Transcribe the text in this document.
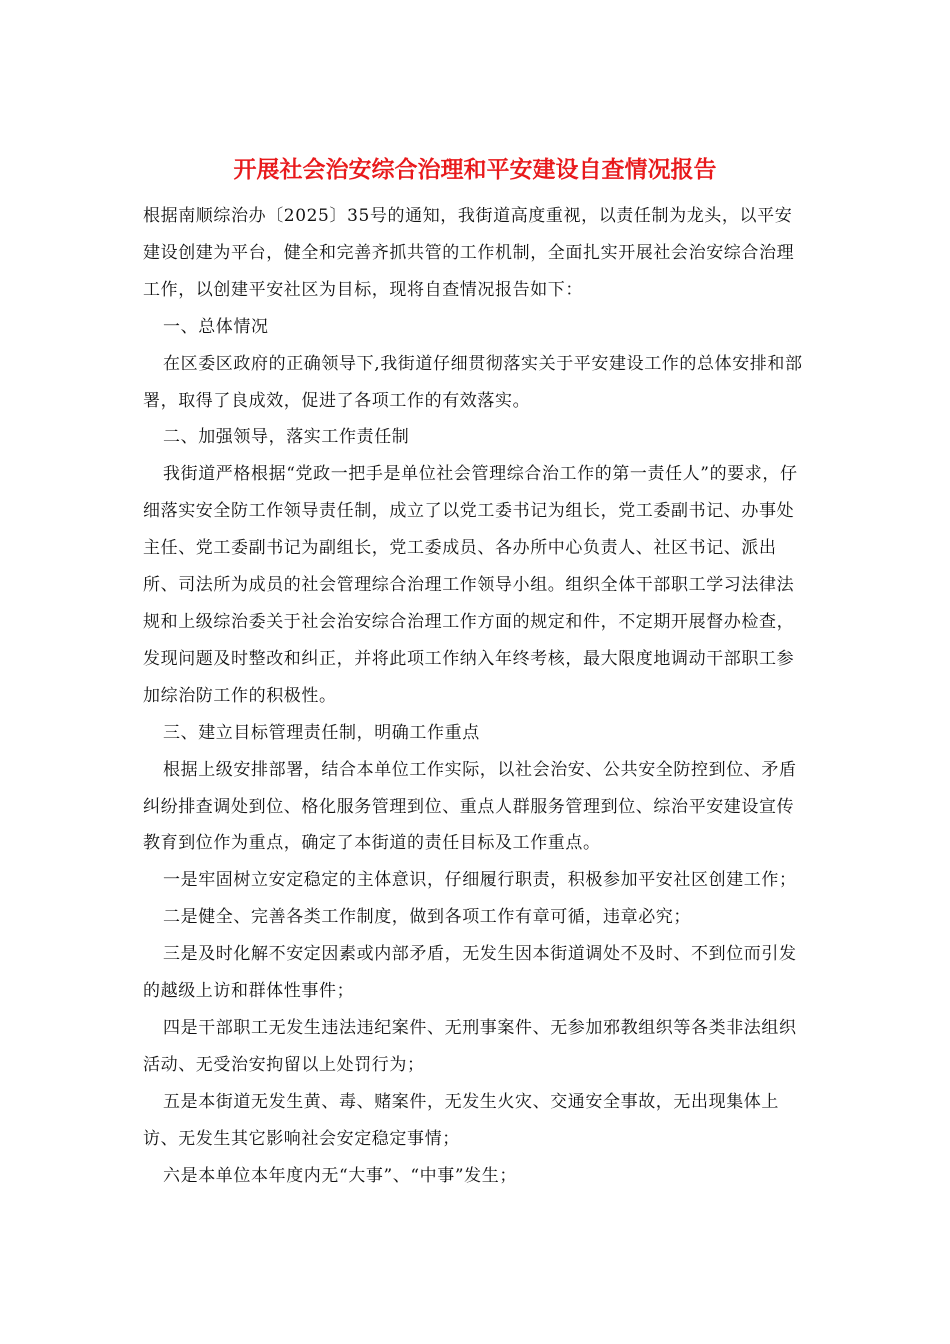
开展社会治安综合治理和平安建设自查情况报告

根据南顺综治办〔2025〕35号的通知，我街道高度重视，以责任制为龙头，以平安建设创建为平台，健全和完善齐抓共管的工作机制，全面扎实开展社会治安综合治理工作，以创建平安社区为目标，现将自查情况报告如下：

一、总体情况

在区委区政府的正确领导下,我街道仔细贯彻落实关于平安建设工作的总体安排和部署，取得了良成效，促进了各项工作的有效落实。

二、加强领导，落实工作责任制

我街道严格根据“党政一把手是单位社会管理综合治工作的第一责任人”的要求，仔细落实安全防工作领导责任制，成立了以党工委书记为组长，党工委副书记、办事处主任、党工委副书记为副组长，党工委成员、各办所中心负责人、社区书记、派出所、司法所为成员的社会管理综合治理工作领导小组。组织全体干部职工学习法律法规和上级综治委关于社会治安综合治理工作方面的规定和件，不定期开展督办检查，发现问题及时整改和纠正，并将此项工作纳入年终考核，最大限度地调动干部职工参加综治防工作的积极性。

三、建立目标管理责任制，明确工作重点

根据上级安排部署，结合本单位工作实际，以社会治安、公共安全防控到位、矛盾纠纷排查调处到位、格化服务管理到位、重点人群服务管理到位、综治平安建设宣传教育到位作为重点，确定了本街道的责任目标及工作重点。

一是牢固树立安定稳定的主体意识，仔细履行职责，积极参加平安社区创建工作；

二是健全、完善各类工作制度，做到各项工作有章可循，违章必究；

三是及时化解不安定因素或内部矛盾，无发生因本街道调处不及时、不到位而引发的越级上访和群体性事件；

四是干部职工无发生违法违纪案件、无刑事案件、无参加邪教组织等各类非法组织活动、无受治安拘留以上处罚行为；

五是本街道无发生黄、毒、赌案件，无发生火灾、交通安全事故，无出现集体上访、无发生其它影响社会安定稳定事情；

六是本单位本年度内无“大事”、“中事”发生；
